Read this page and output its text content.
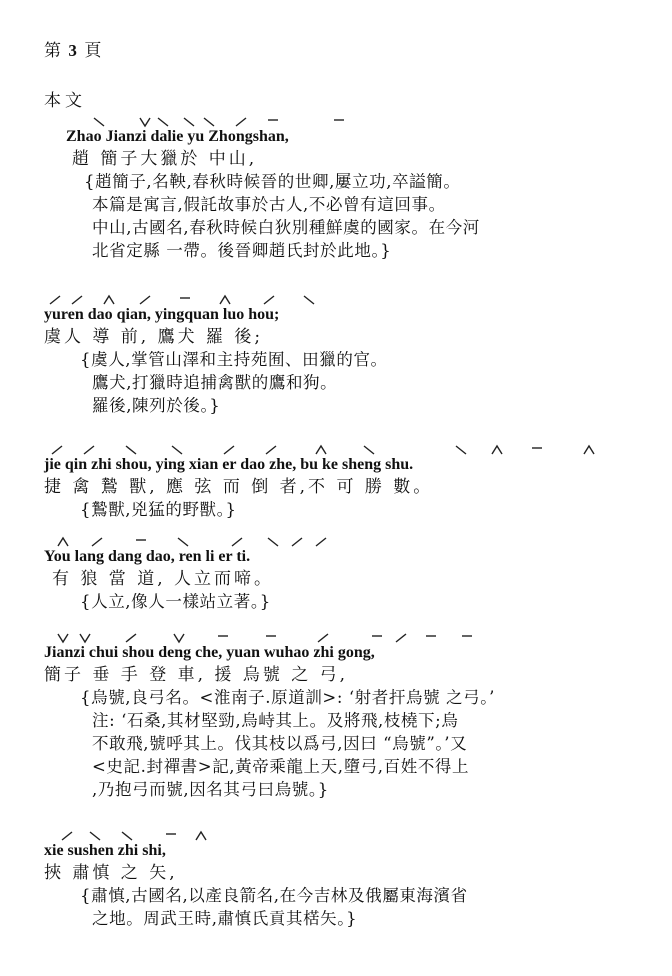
第 3 頁
本文
Zhao Jianzi dalie yu Zhongshan,
趙 簡子大獵於 中山,
{趙簡子,名鞅,春秋時候晉的世卿,屢立功,卒謚簡。
本篇是寓言,假託故事於古人,不必曾有這回事。
中山,古國名,春秋時候白狄別種鮮虞的國家。在今河
北省定縣 一帶。後晉卿趙氏封於此地。}
yuren dao qian, yingquan luo hou;
虞人 導 前, 鷹犬 羅 後;
{虞人,掌管山澤和主持苑囿、田獵的官。
鷹犬,打獵時追捕禽獸的鷹和狗。
羅後,陳列於後。}
jie qin zhi shou, ying xian er dao zhe, bu ke sheng shu.
捷 禽 鷙 獸, 應 弦 而 倒 者,不 可 勝 數。
{鷙獸,兇猛的野獸。}
You lang dang dao, ren li er ti.
有 狼 當 道, 人立而啼。
{人立,像人一樣站立著。}
Jianzi chui shou deng che, yuan wuhao zhi gong,
簡子 垂 手 登 車, 援 烏號 之 弓,
{烏號,良弓名。<淮南子.原道訓>: ‘射者扞烏號 之弓。’
注: ‘石桑,其材堅勁,烏峙其上。及將飛,枝橈下;烏
不敢飛,號呼其上。伐其枝以爲弓,因曰 “烏號”。’又
<史記.封禪書>記,黃帝乘龍上天,墮弓,百姓不得上
,乃抱弓而號,因名其弓曰烏號。}
xie sushen zhi shi,
挾 肅慎 之 矢,
{肅慎,古國名,以產良箭名,在今吉林及俄屬東海濱省
之地。周武王時,肅慎氏貢其楛矢。}
